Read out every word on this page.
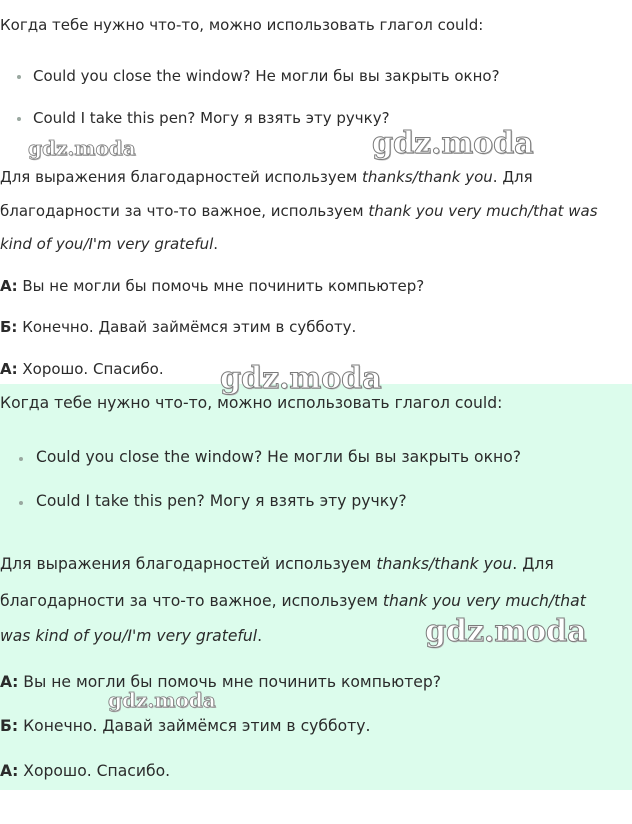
Когда тебе нужно что-то, можно использовать глагол could:
Could you close the window? Не могли бы вы закрыть окно?
Could I take this pen? Могу я взять эту ручку?
Для выражения благодарностей используем thanks/thank you. Для
благодарности за что-то важное, используем thank you very much/that was
kind of you/I'm very grateful.
А: Вы не могли бы помочь мне починить компьютер?
Б: Конечно. Давай займёмся этим в субботу.
А: Хорошо. Спасибо.
Когда тебе нужно что-то, можно использовать глагол could:
Could you close the window? Не могли бы вы закрыть окно?
Could I take this pen? Могу я взять эту ручку?
Для выражения благодарностей используем thanks/thank you. Для
благодарности за что-то важное, используем thank you very much/that
was kind of you/I'm very grateful.
А: Вы не могли бы помочь мне починить компьютер?
Б: Конечно. Давай займёмся этим в субботу.
А: Хорошо. Спасибо.
gdz.moda	gdz.moda
gdz.moda
gdz.moda
gdz.moda
